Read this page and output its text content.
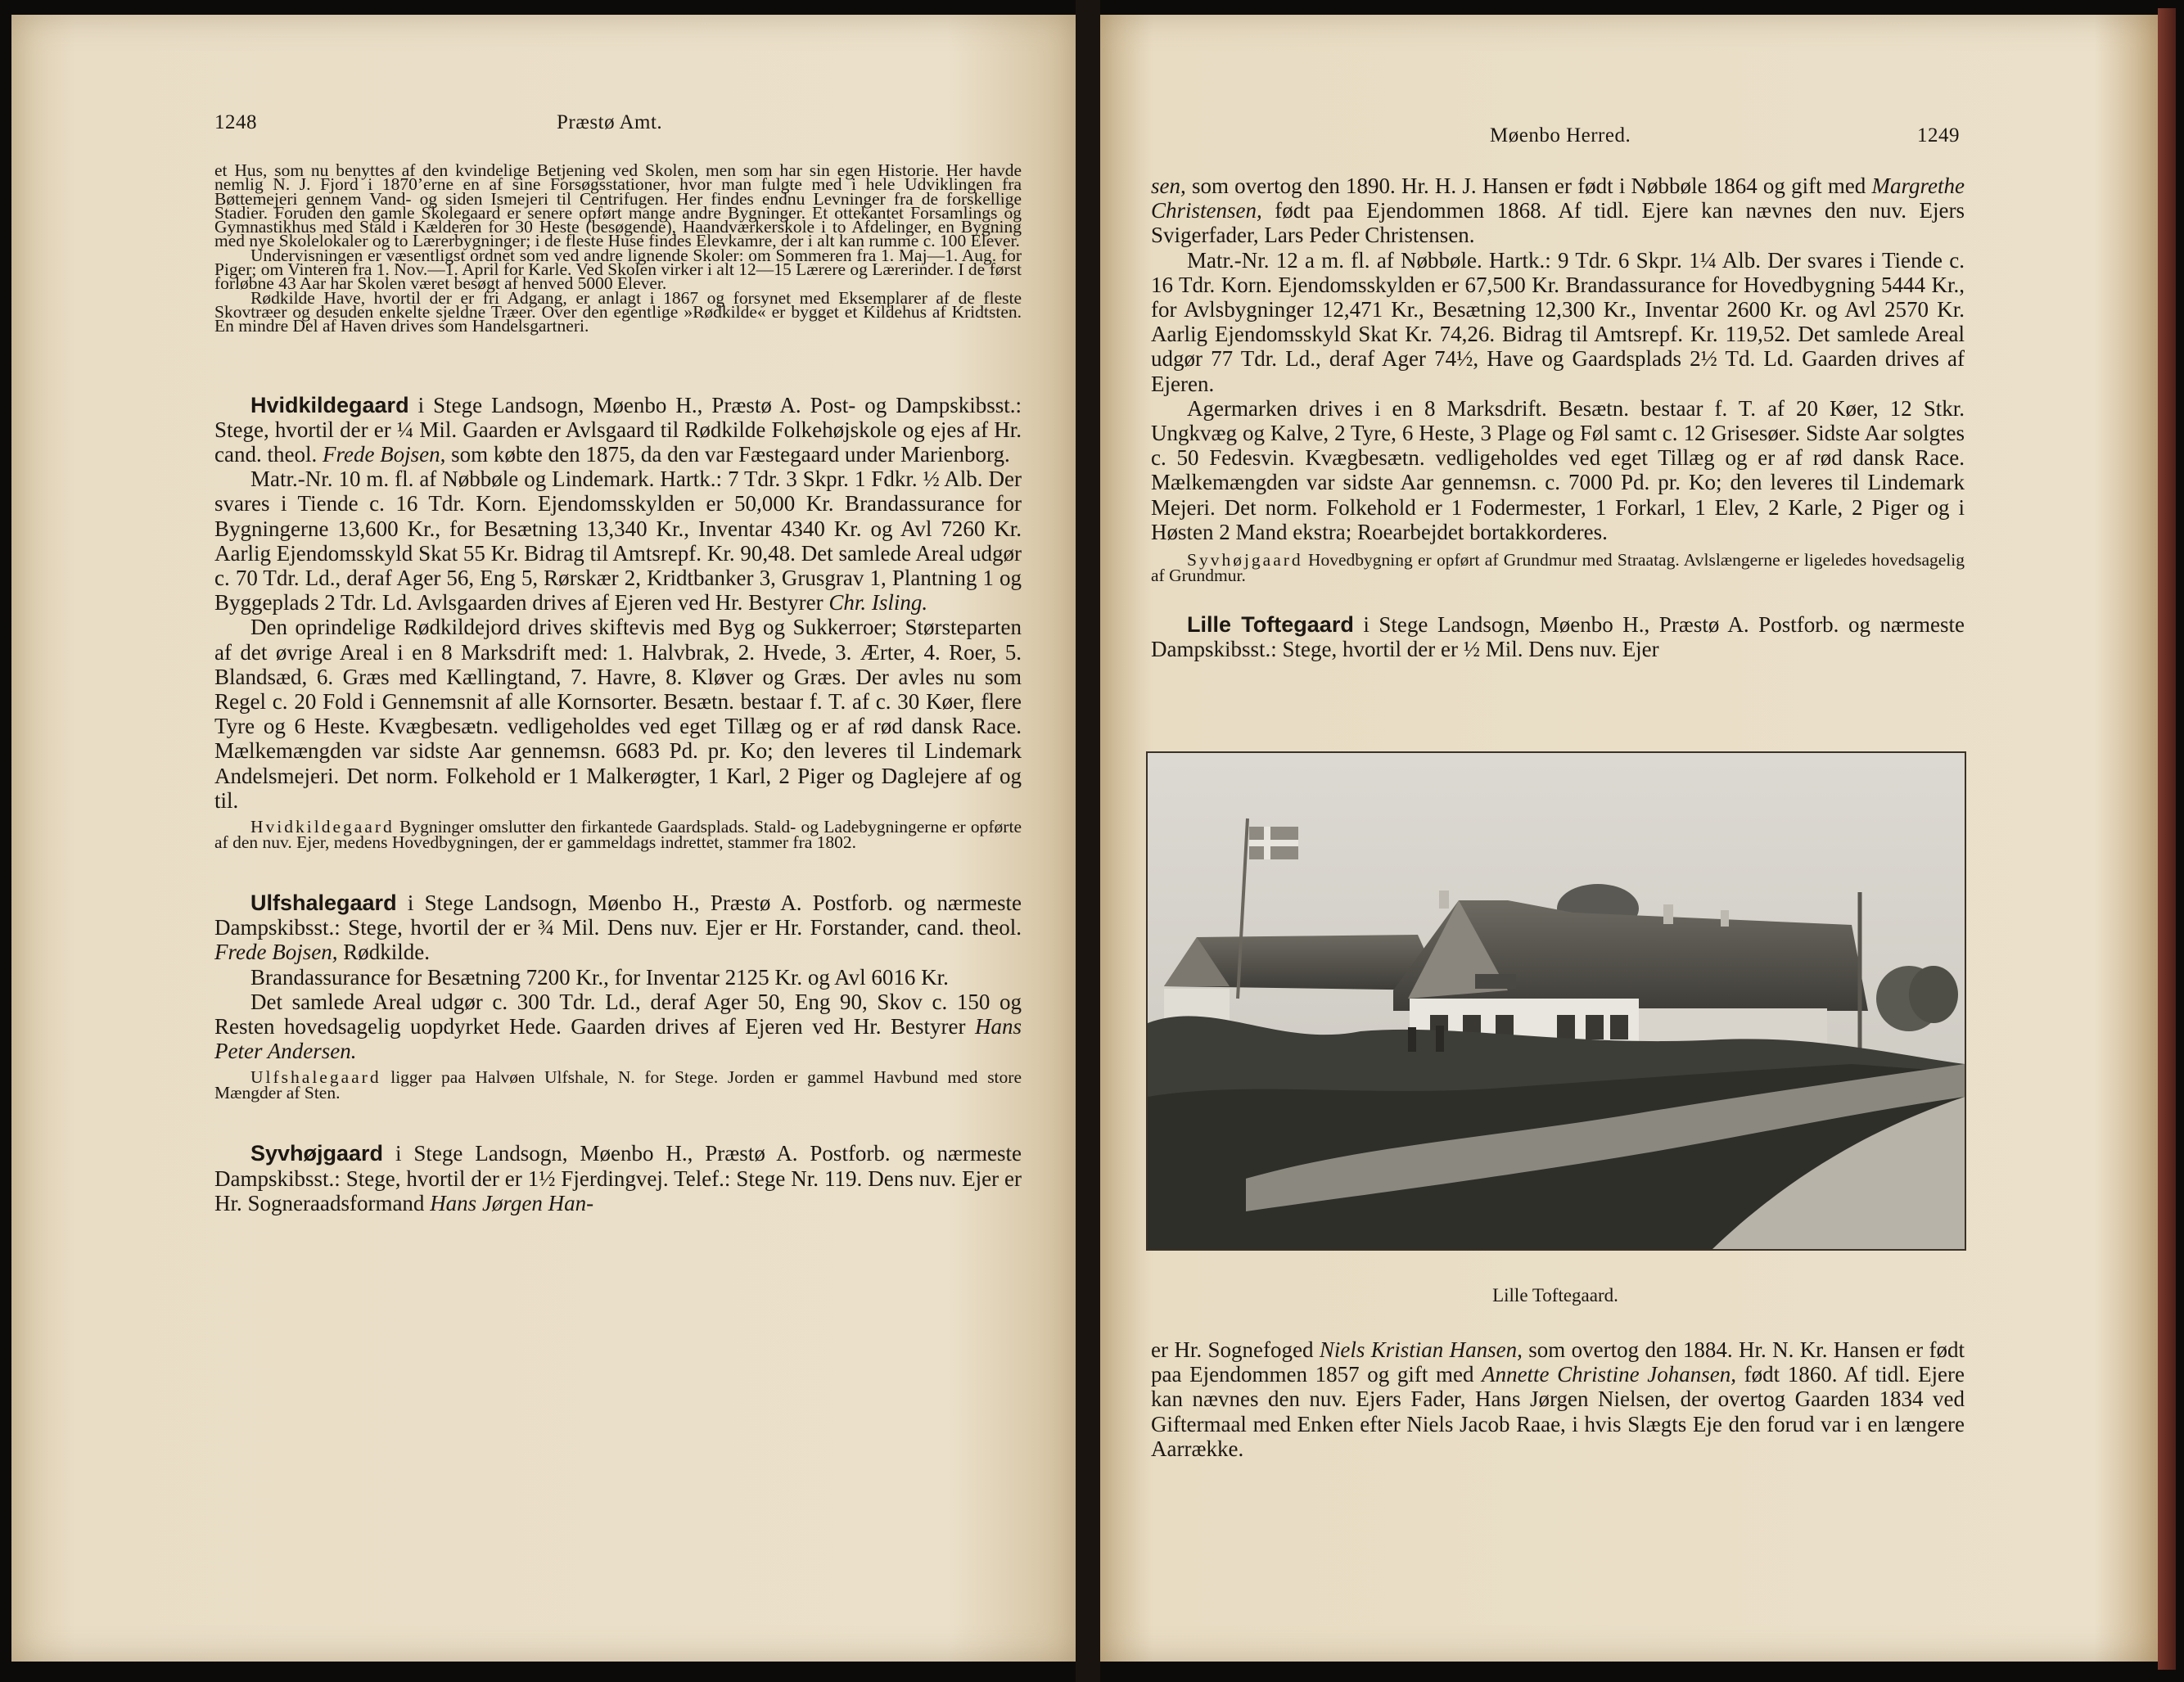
1248	Præstø Amt.

et Hus, som nu benyttes af den kvindelige Betjening ved Skolen, men som har sin egen Historie. Her havde nemlig N. J. Fjord i 1870’erne en af sine Forsøgsstationer, hvor man fulgte med i hele Udviklingen fra Bøttemejeri gennem Vand- og siden Ismejeri til Centrifugen. Her findes endnu Levninger fra de forskellige Stadier. Foruden den gamle Skolegaard er senere opført mange andre Bygninger. Et ottekantet Forsamlings og Gymnastikhus med Stald i Kælderen for 30 Heste (besøgende), Haandværkerskole i to Afdelinger, en Bygning med nye Skolelokaler og to Lærerbygninger; i de fleste Huse findes Elevkamre, der i alt kan rumme c. 100 Elever.

Undervisningen er væsentligst ordnet som ved andre lignende Skoler: om Sommeren fra 1. Maj—1. Aug. for Piger; om Vinteren fra 1. Nov.—1. April for Karle. Ved Skolen virker i alt 12—15 Lærere og Lærerinder. I de først forløbne 43 Aar har Skolen været besøgt af henved 5000 Elever.

Rødkilde Have, hvortil der er fri Adgang, er anlagt i 1867 og forsynet med Eksemplarer af de fleste Skovtræer og desuden enkelte sjeldne Træer. Over den egentlige »Rødkilde« er bygget et Kildehus af Kridtsten. En mindre Del af Haven drives som Handelsgartneri.

Hvidkildegaard i Stege Landsogn, Møenbo H., Præstø A. Post- og Dampskibsst.: Stege, hvortil der er ¼ Mil. Gaarden er Avlsgaard til Rødkilde Folkehøjskole og ejes af Hr. cand. theol. Frede Bojsen, som købte den 1875, da den var Fæstegaard under Marienborg.

Matr.-Nr. 10 m. fl. af Nøbbøle og Lindemark. Hartk.: 7 Tdr. 3 Skpr. 1 Fdkr. ½ Alb. Der svares i Tiende c. 16 Tdr. Korn. Ejendomsskylden er 50,000 Kr. Brandassurance for Bygningerne 13,600 Kr., for Besætning 13,340 Kr., Inventar 4340 Kr. og Avl 7260 Kr. Aarlig Ejendomsskyld Skat 55 Kr. Bidrag til Amtsrepf. Kr. 90,48. Det samlede Areal udgør c. 70 Tdr. Ld., deraf Ager 56, Eng 5, Rørskær 2, Kridtbanker 3, Grusgrav 1, Plantning 1 og Byggeplads 2 Tdr. Ld. Avlsgaarden drives af Ejeren ved Hr. Bestyrer Chr. Isling.

Den oprindelige Rødkildejord drives skiftevis med Byg og Sukkerroer; Størsteparten af det øvrige Areal i en 8 Marksdrift med: 1. Halvbrak, 2. Hvede, 3. Ærter, 4. Roer, 5. Blandsæd, 6. Græs med Kællingtand, 7. Havre, 8. Kløver og Græs. Der avles nu som Regel c. 20 Fold i Gennemsnit af alle Kornsorter. Besætn. bestaar f. T. af c. 30 Køer, flere Tyre og 6 Heste. Kvægbesætn. vedligeholdes ved eget Tillæg og er af rød dansk Race. Mælkemængden var sidste Aar gennemsn. 6683 Pd. pr. Ko; den leveres til Lindemark Andelsmejeri. Det norm. Folkehold er 1 Malkerøgter, 1 Karl, 2 Piger og Daglejere af og til.

Hvidkildegaard Bygninger omslutter den firkantede Gaardsplads. Stald- og Ladebygningerne er opførte af den nuv. Ejer, medens Hovedbygningen, der er gammeldags indrettet, stammer fra 1802.

Ulfshalegaard i Stege Landsogn, Møenbo H., Præstø A. Postforb. og nærmeste Dampskibsst.: Stege, hvortil der er ¾ Mil. Dens nuv. Ejer er Hr. Forstander, cand. theol. Frede Bojsen, Rødkilde.

Brandassurance for Besætning 7200 Kr., for Inventar 2125 Kr. og Avl 6016 Kr.

Det samlede Areal udgør c. 300 Tdr. Ld., deraf Ager 50, Eng 90, Skov c. 150 og Resten hovedsagelig uopdyrket Hede. Gaarden drives af Ejeren ved Hr. Bestyrer Hans Peter Andersen.

Ulfshalegaard ligger paa Halvøen Ulfshale, N. for Stege. Jorden er gammel Havbund med store Mængder af Sten.

Syvhøjgaard i Stege Landsogn, Møenbo H., Præstø A. Postforb. og nærmeste Dampskibsst.: Stege, hvortil der er 1½ Fjerdingvej. Telef.: Stege Nr. 119. Dens nuv. Ejer er Hr. Sogneraadsformand Hans Jørgen Han-

Møenbo Herred.	1249

sen, som overtog den 1890. Hr. H. J. Hansen er født i Nøbbøle 1864 og gift med Margrethe Christensen, født paa Ejendommen 1868. Af tidl. Ejere kan nævnes den nuv. Ejers Svigerfader, Lars Peder Christensen.

Matr.-Nr. 12 a m. fl. af Nøbbøle. Hartk.: 9 Tdr. 6 Skpr. 1¼ Alb. Der svares i Tiende c. 16 Tdr. Korn. Ejendomsskylden er 67,500 Kr. Brandassurance for Hovedbygning 5444 Kr., for Avlsbygninger 12,471 Kr., Besætning 12,300 Kr., Inventar 2600 Kr. og Avl 2570 Kr. Aarlig Ejendomsskyld Skat Kr. 74,26. Bidrag til Amtsrepf. Kr. 119,52. Det samlede Areal udgør 77 Tdr. Ld., deraf Ager 74½, Have og Gaardsplads 2½ Td. Ld. Gaarden drives af Ejeren.

Agermarken drives i en 8 Marksdrift. Besætn. bestaar f. T. af 20 Køer, 12 Stkr. Ungkvæg og Kalve, 2 Tyre, 6 Heste, 3 Plage og Føl samt c. 12 Grisesøer. Sidste Aar solgtes c. 50 Fedesvin. Kvægbesætn. vedligeholdes ved eget Tillæg og er af rød dansk Race. Mælkemængden var sidste Aar gennemsn. c. 7000 Pd. pr. Ko; den leveres til Lindemark Mejeri. Det norm. Folkehold er 1 Fodermester, 1 Forkarl, 1 Elev, 2 Karle, 2 Piger og i Høsten 2 Mand ekstra; Roearbejdet bortakkorderes.

Syvhøjgaard Hovedbygning er opført af Grundmur med Straatag. Avlslængerne er ligeledes hovedsagelig af Grundmur.

Lille Toftegaard i Stege Landsogn, Møenbo H., Præstø A. Postforb. og nærmeste Dampskibsst.: Stege, hvortil der er ½ Mil. Dens nuv. Ejer

Lille Toftegaard.

er Hr. Sognefoged Niels Kristian Hansen, som overtog den 1884. Hr. N. Kr. Hansen er født paa Ejendommen 1857 og gift med Annette Christine Johansen, født 1860. Af tidl. Ejere kan nævnes den nuv. Ejers Fader, Hans Jørgen Nielsen, der overtog Gaarden 1834 ved Giftermaal med Enken efter Niels Jacob Raae, i hvis Slægts Eje den forud var i en længere Aarrække.
